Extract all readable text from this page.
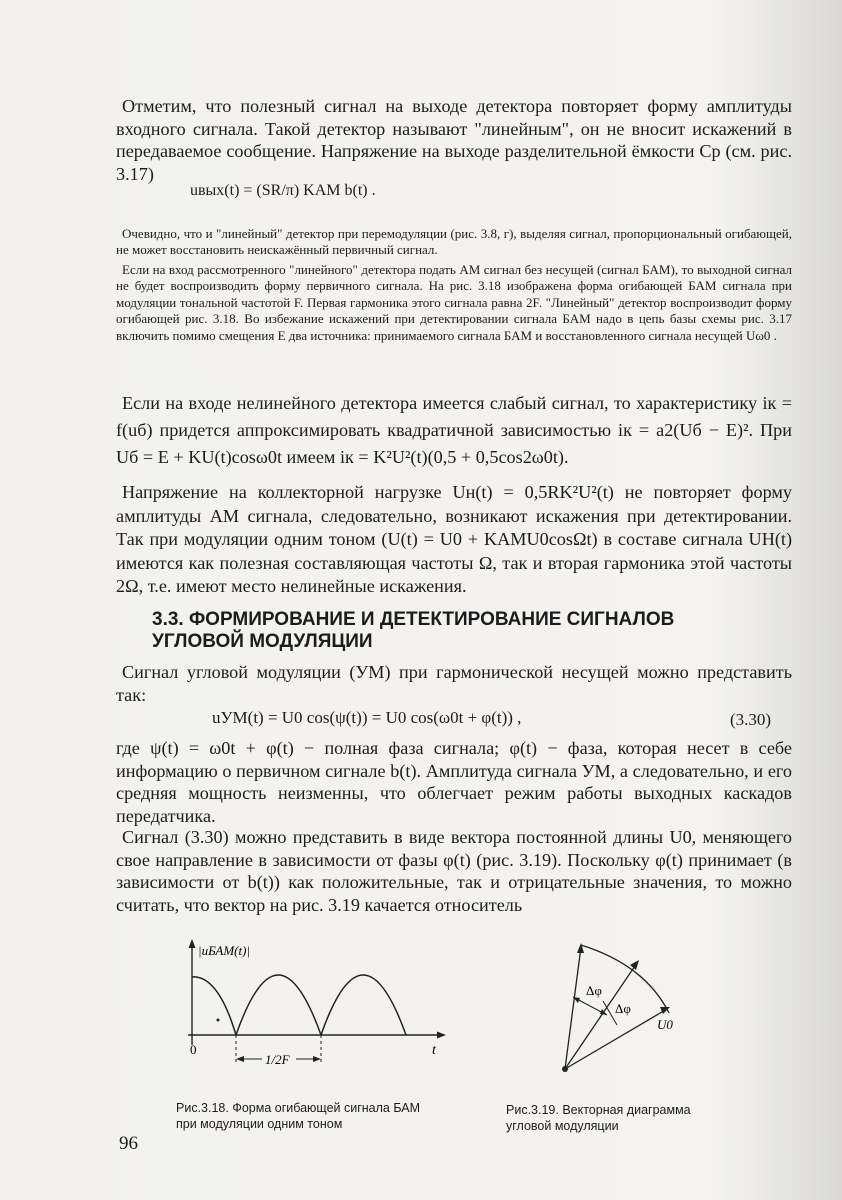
Отметим, что полезный сигнал на выходе детектора повторяет форму амплитуды входного сигнала. Такой детектор называют "линейным", он не вносит искажений в передаваемое сообщение. Напряжение на выходе разделительной ёмкости Cр (см. рис. 3.17)

uвых(t) = (SR/π) KАМ b(t) .

Очевидно, что и "линейный" детектор при перемодуляции (рис. 3.8, г), выделяя сигнал, пропорциональный огибающей, не может восстановить неискажённый первичный сигнал.

Если на вход рассмотренного "линейного" детектора подать АМ сигнал без несущей (сигнал БАМ), то выходной сигнал не будет воспроизводить форму первичного сигнала. На рис. 3.18 изображена форма огибающей БАМ сигнала при модуляции тональной частотой F. Первая гармоника этого сигнала равна 2F. "Линейный" детектор воспроизводит форму огибающей рис. 3.18. Во избежание искажений при детектировании сигнала БАМ надо в цепь базы схемы рис. 3.17 включить помимо смещения E два источника: принимаемого сигнала БАМ и восстановленного сигнала несущей Uω0 .

Если на входе нелинейного детектора имеется слабый сигнал, то характеристику iк = f(uб) придется аппроксимировать квадратичной зависимостью iк = a2(Uб − E)². При Uб = E + KU(t)cosω0t имеем iк = K²U²(t)(0,5 + 0,5cos2ω0t).

Напряжение на коллекторной нагрузке Uн(t) = 0,5RK²U²(t) не повторяет форму амплитуды АМ сигнала, следовательно, возникают искажения при детектировании. Так при модуляции одним тоном (U(t) = U0 + KАМU0cosΩt) в составе сигнала UН(t) имеются как полезная составляющая частоты Ω, так и вторая гармоника этой частоты 2Ω, т.е. имеют место нелинейные искажения.

3.3. ФОРМИРОВАНИЕ И ДЕТЕКТИРОВАНИЕ СИГНАЛОВ УГЛОВОЙ МОДУЛЯЦИИ

Сигнал угловой модуляции (УМ) при гармонической несущей можно представить так:

uУМ(t) = U0 cos(ψ(t)) = U0 cos(ω0t + φ(t)) ,	(3.30)

где ψ(t) = ω0t + φ(t) − полная фаза сигнала; φ(t) − фаза, которая несет в себе информацию о первичном сигнале b(t). Амплитуда сигнала УМ, а следовательно, и его средняя мощность неизменны, что облегчает режим работы выходных каскадов передатчика.

Сигнал (3.30) можно представить в виде вектора постоянной длины U0, меняющего свое направление в зависимости от фазы φ(t) (рис. 3.19). Поскольку φ(t) принимает (в зависимости от b(t)) как положительные, так и отрицательные значения, то можно считать, что вектор на рис. 3.19 качается относитель

1/2F
|uБАМ(t)|
0	t

Рис.3.18. Форма огибающей сигнала БАМ
при модуляции одним тоном

Δφ
Δφ
U0

Рис.3.19. Векторная диаграмма
угловой модуляции

96
